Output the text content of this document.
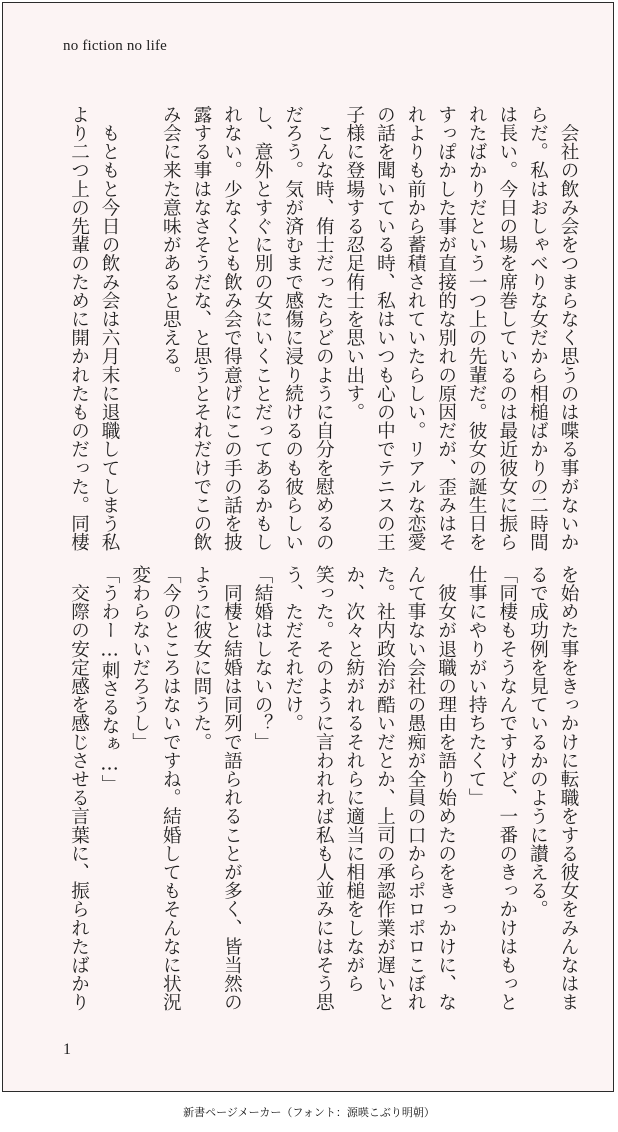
no fiction no life
　会社の飲み会をつまらなく思うのは喋る事がないか
らだ。私はおしゃべりな女だから相槌ばかりの二時間
は長い。今日の場を席巻しているのは最近彼女に振ら
れたばかりだという一つ上の先輩だ。彼女の誕生日を
すっぽかした事が直接的な別れの原因だが、歪みはそ
れよりも前から蓄積されていたらしい。リアルな恋愛
の話を聞いている時、私はいつも心の中でテニスの王
子様に登場する忍足侑士を思い出す。
　こんな時、侑士だったらどのように自分を慰めるの
だろう。気が済むまで感傷に浸り続けるのも彼らしい
し、意外とすぐに別の女にいくことだってあるかもし
れない。少なくとも飲み会で得意げにこの手の話を披
露する事はなさそうだな、と思うとそれだけでこの飲
み会に来た意味があると思える。

　もともと今日の飲み会は六月末に退職してしまう私
より二つ上の先輩のために開かれたものだった。同棲
を始めた事をきっかけに転職をする彼女をみんなはま
るで成功例を見ているかのように讃える。
「同棲もそうなんですけど、一番のきっかけはもっと
仕事にやりがい持ちたくて」
　彼女が退職の理由を語り始めたのをきっかけに、な
んて事ない会社の愚痴が全員の口からポロポロこぼれ
た。社内政治が酷いだとか、上司の承認作業が遅いと
か、次々と紡がれるそれらに適当に相槌をしながら
笑った。そのように言われれば私も人並みにはそう思
う、ただそれだけ。
「結婚はしないの？」
　同棲と結婚は同列で語られることが多く、皆当然の
ように彼女に問うた。
「今のところはないですね。結婚してもそんなに状況
変わらないだろうし」
「うわー…刺さるなぁ…」
　交際の安定感を感じさせる言葉に、振られたばかり
1
新書ページメーカー（フォント：源暎こぶり明朝）
